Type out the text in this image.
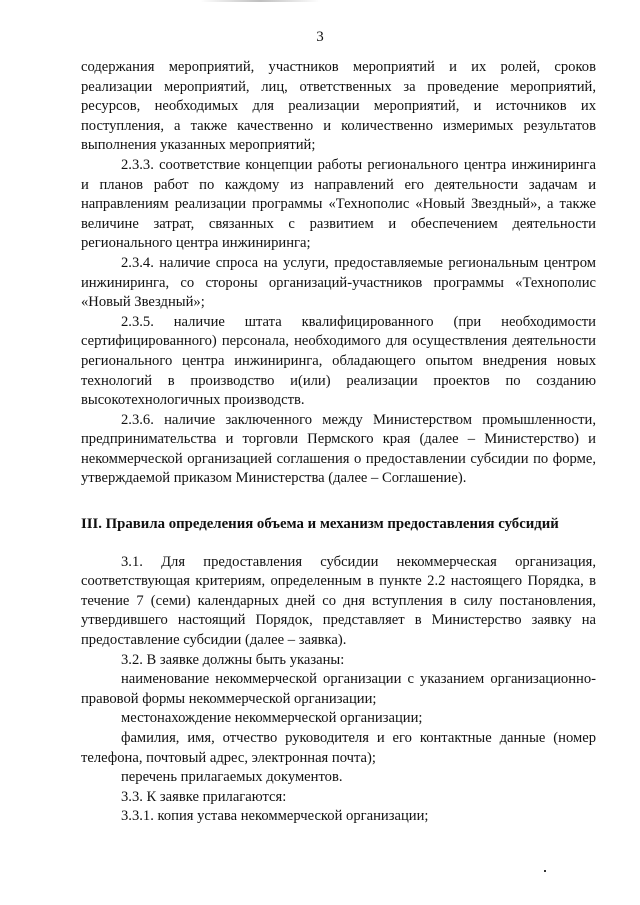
3

содержания мероприятий, участников мероприятий и их ролей, сроков реализации мероприятий, лиц, ответственных за проведение мероприятий, ресурсов, необходимых для реализации мероприятий, и источников их поступления, а также качественно и количественно измеримых результатов выполнения указанных мероприятий;

2.3.3. соответствие концепции работы регионального центра инжиниринга и планов работ по каждому из направлений его деятельности задачам и направлениям реализации программы «Технополис «Новый Звездный», а также величине затрат, связанных с развитием и обеспечением деятельности регионального центра инжиниринга;

2.3.4. наличие спроса на услуги, предоставляемые региональным центром инжиниринга, со стороны организаций-участников программы «Технополис «Новый Звездный»;

2.3.5. наличие штата квалифицированного (при необходимости сертифицированного) персонала, необходимого для осуществления деятельности регионального центра инжиниринга, обладающего опытом внедрения новых технологий в производство и(или) реализации проектов по созданию высокотехнологичных производств.

2.3.6. наличие заключенного между Министерством промышленности, предпринимательства и торговли Пермского края (далее – Министерство) и некоммерческой организацией соглашения о предоставлении субсидии по форме, утверждаемой приказом Министерства (далее – Соглашение).

III. Правила определения объема и механизм предоставления субсидий

3.1. Для предоставления субсидии некоммерческая организация, соответствующая критериям, определенным в пункте 2.2 настоящего Порядка, в течение 7 (семи) календарных дней со дня вступления в силу постановления, утвердившего настоящий Порядок, представляет в Министерство заявку на предоставление субсидии (далее – заявка).

3.2. В заявке должны быть указаны:

наименование некоммерческой организации с указанием организационно-правовой формы некоммерческой организации;

местонахождение некоммерческой организации;

фамилия, имя, отчество руководителя и его контактные данные (номер телефона, почтовый адрес, электронная почта);

перечень прилагаемых документов.

3.3. К заявке прилагаются:

3.3.1. копия устава некоммерческой организации;
